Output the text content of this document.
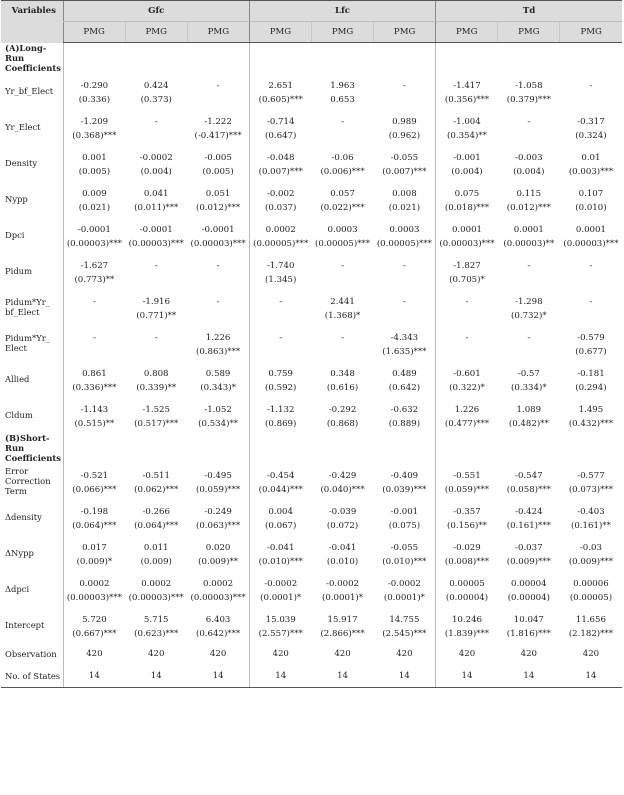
Variables	Gfc			Lfc			Td		
	PMG	PMG	PMG	PMG	PMG	PMG	PMG	PMG	PMG
(A)Long-Run Coefficients									
Yr_bf_Elect	-0.290	0.424	-	2.651	1.963	-	-1.417	-1.058	-
	(0.336)	(0.373)		(0.605)***	0.653		(0.356)***	(0.379)***	
Yr_Elect	-1.209	-	-1.222	-0.714	-	0.989	-1.004	-	-0.317
	(0.368)***		(-0.417)***	(0.647)		(0.962)	(0.354)**		(0.324)
Density	0.001	-0.0002	-0.005	-0.048	-0.06	-0.055	-0.001	-0.003	0.01
	(0.005)	(0.004)	(0.005)	(0.007)***	(0.006)***	(0.007)***	(0.004)	(0.004)	(0.003)***
Nypp	0.009	0.041	0.051	-0.002	0.057	0.008	0.075	0.115	0.107
	(0.021)	(0.011)***	(0.012)***	(0.037)	(0.022)***	(0.021)	(0.018)***	(0.012)***	(0.010)
Dpci	-0.0001	-0.0001	-0.0001	0.0002	0.0003	0.0003	0.0001	0.0001	0.0001
	(0.00003)***	(0.00003)***	(0.00003)***	(0.00005)***	(0.00005)***	(0.00005)***	(0.00003)***	(0.00003)**	(0.00003)***
Pidum	-1.627	-	-	-1.740	-	-	-1.827	-	-
	(0.773)**			(1.345)			(0.705)*		
Pidum*Yr_ bf_Elect	-	-1.916	-	-	2.441	-	-	-1.298	-
		(0.771)**			(1.368)*			(0.732)*	
Pidum*Yr_ Elect	-	-	1.226	-	-	-4.343	-	-	-0.579
			(0.863)***			(1.635)***			(0.677)
Allied	0.861	0.808	0.589	0.759	0.348	0.489	-0.601	-0.57	-0.181
	(0.336)***	(0.339)**	(0.343)*	(0.592)	(0.616)	(0.642)	(0.322)*	(0.334)*	(0.294)
Cldum	-1.143	-1.525	-1.052	-1.132	-0.292	-0.632	1.226	1.089	1.495
	(0.515)**	(0.517)***	(0.534)**	(0.869)	(0.868)	(0.889)	(0.477)***	(0.482)**	(0.432)***
(B)Short-Run Coefficients									
Error Correction Term	-0.521	-0.511	-0.495	-0.454	-0.429	-0.409	-0.551	-0.547	-0.577
	(0.066)***	(0.062)***	(0.059)***	(0.044)***	(0.040)***	(0.039)***	(0.059)***	(0.058)***	(0.073)***
Δdensity	-0.198	-0.266	-0.249	0.004	-0.039	-0.001	-0.357	-0.424	-0.403
	(0.064)***	(0.064)***	(0.063)***	(0.067)	(0.072)	(0.075)	(0.156)**	(0.161)***	(0.161)**
ΔNypp	0.017	0.011	0.020	-0.041	-0.041	-0.055	-0.029	-0.037	-0.03
	(0.009)*	(0.009)	(0.009)**	(0.010)***	(0.010)	(0.010)***	(0.008)***	(0.009)***	(0.009)***
Δdpci	0.0002	0.0002	0.0002	-0.0002	-0.0002	-0.0002	0.00005	0.00004	0.00006
	(0.00003)***	(0.00003)***	(0.00003)***	(0.0001)*	(0.0001)*	(0.0001)*	(0.00004)	(0.00004)	(0.00005)
Intercept	5.720	5.715	6.403	15.039	15.917	14.755	10.246	10.047	11.656
	(0.667)***	(0.623)***	(0.642)***	(2.557)***	(2.866)***	(2.545)***	(1.839)***	(1.816)***	(2.182)***
Observation	420	420	420	420	420	420	420	420	420
No. of States	14	14	14	14	14	14	14	14	14
